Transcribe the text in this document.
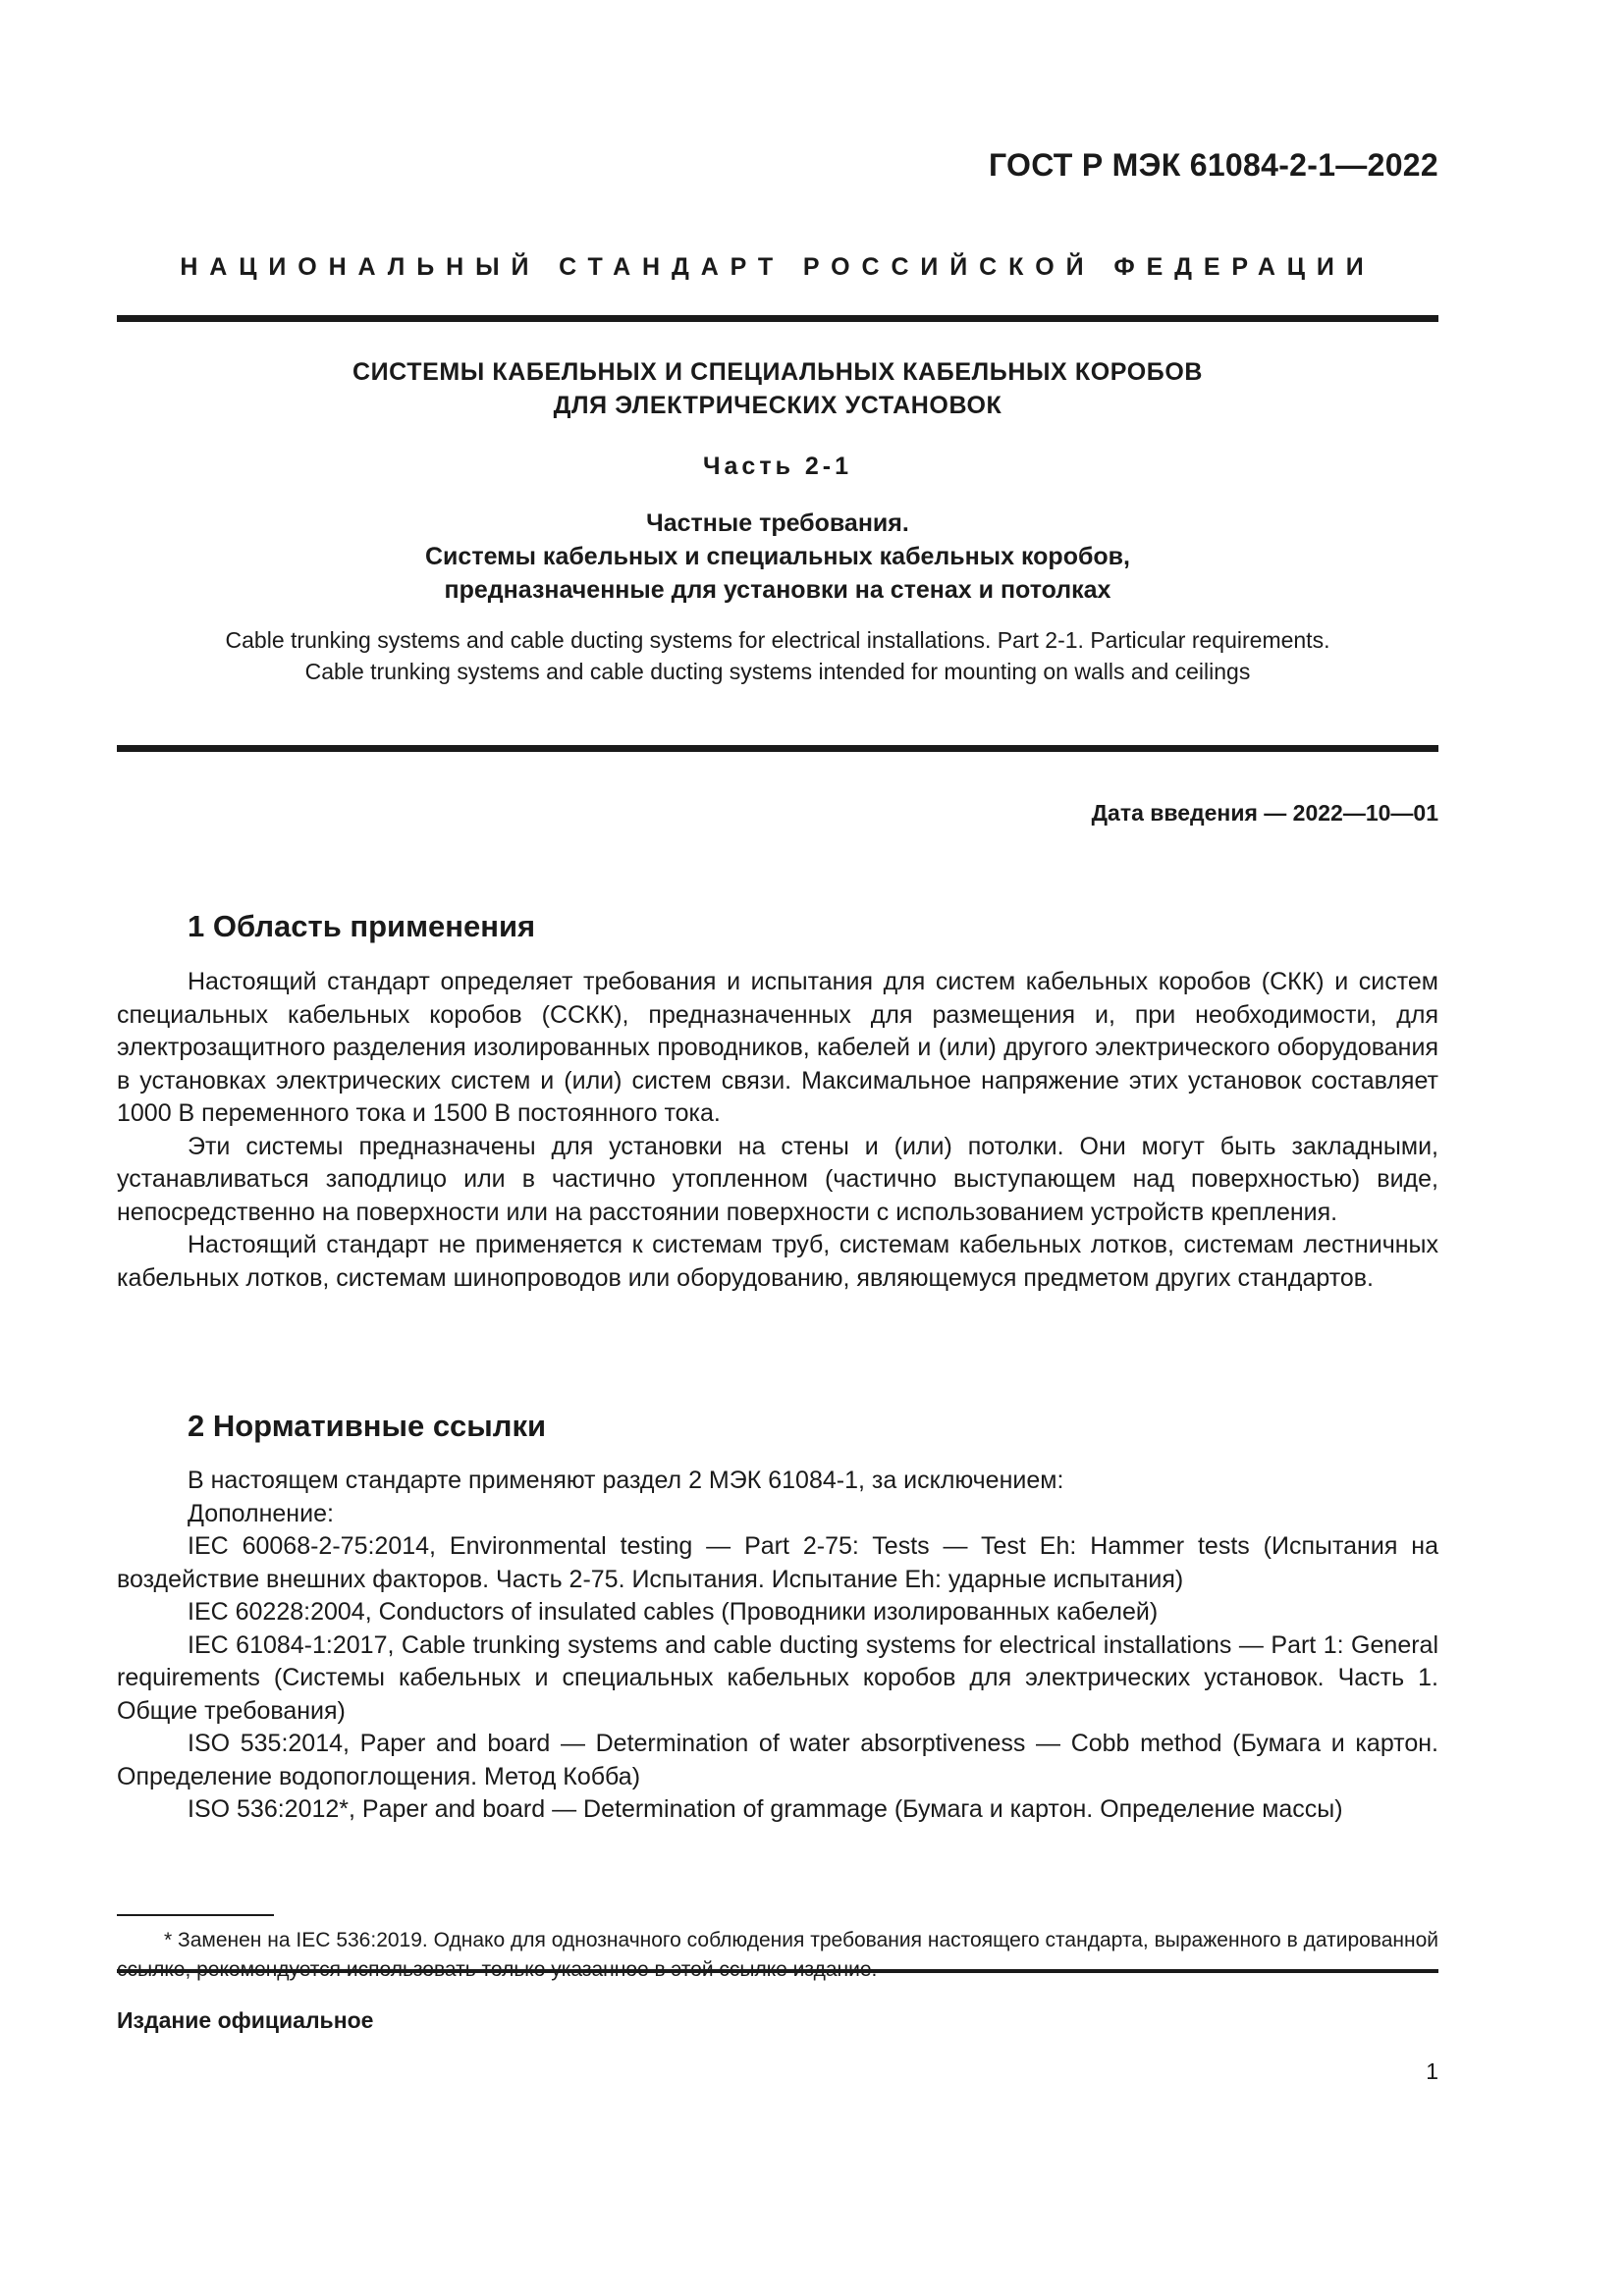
ГОСТ Р МЭК 61084-2-1—2022
НАЦИОНАЛЬНЫЙ СТАНДАРТ РОССИЙСКОЙ ФЕДЕРАЦИИ
СИСТЕМЫ КАБЕЛЬНЫХ И СПЕЦИАЛЬНЫХ КАБЕЛЬНЫХ КОРОБОВ
ДЛЯ ЭЛЕКТРИЧЕСКИХ УСТАНОВОК
Часть 2-1
Частные требования.
Системы кабельных и специальных кабельных коробов,
предназначенные для установки на стенах и потолках
Cable trunking systems and cable ducting systems for electrical installations. Part 2-1. Particular requirements.
Cable trunking systems and cable ducting systems intended for mounting on walls and ceilings
Дата введения — 2022—10—01
1 Область применения

Настоящий стандарт определяет требования и испытания для систем кабельных коробов (СКК) и систем специальных кабельных коробов (ССКК), предназначенных для размещения и, при необходимости, для электрозащитного разделения изолированных проводников, кабелей и (или) другого электрического оборудования в установках электрических систем и (или) систем связи. Максимальное напряжение этих установок составляет 1000 В переменного тока и 1500 В постоянного тока.

Эти системы предназначены для установки на стены и (или) потолки. Они могут быть закладными, устанавливаться заподлицо или в частично утопленном (частично выступающем над поверхностью) виде, непосредственно на поверхности или на расстоянии поверхности с использованием устройств крепления.

Настоящий стандарт не применяется к системам труб, системам кабельных лотков, системам лестничных кабельных лотков, системам шинопроводов или оборудованию, являющемуся предметом других стандартов.

2 Нормативные ссылки

В настоящем стандарте применяют раздел 2 МЭК 61084-1, за исключением:

Дополнение:

IEC 60068-2-75:2014, Environmental testing — Part 2-75: Tests — Test Eh: Hammer tests (Испытания на воздействие внешних факторов. Часть 2-75. Испытания. Испытание Eh: ударные испытания)

IEC 60228:2004, Conductors of insulated cables (Проводники изолированных кабелей)

IEC 61084-1:2017, Cable trunking systems and cable ducting systems for electrical installations — Part 1: General requirements (Системы кабельных и специальных кабельных коробов для электрических установок. Часть 1. Общие требования)

ISO 535:2014, Paper and board — Determination of water absorptiveness — Cobb method (Бумага и картон. Определение водопоглощения. Метод Кобба)

ISO 536:2012*, Paper and board — Determination of grammage (Бумага и картон. Определение массы)

* Заменен на IEC 536:2019. Однако для однозначного соблюдения требования настоящего стандарта, выраженного в датированной

Издание официальное
1
